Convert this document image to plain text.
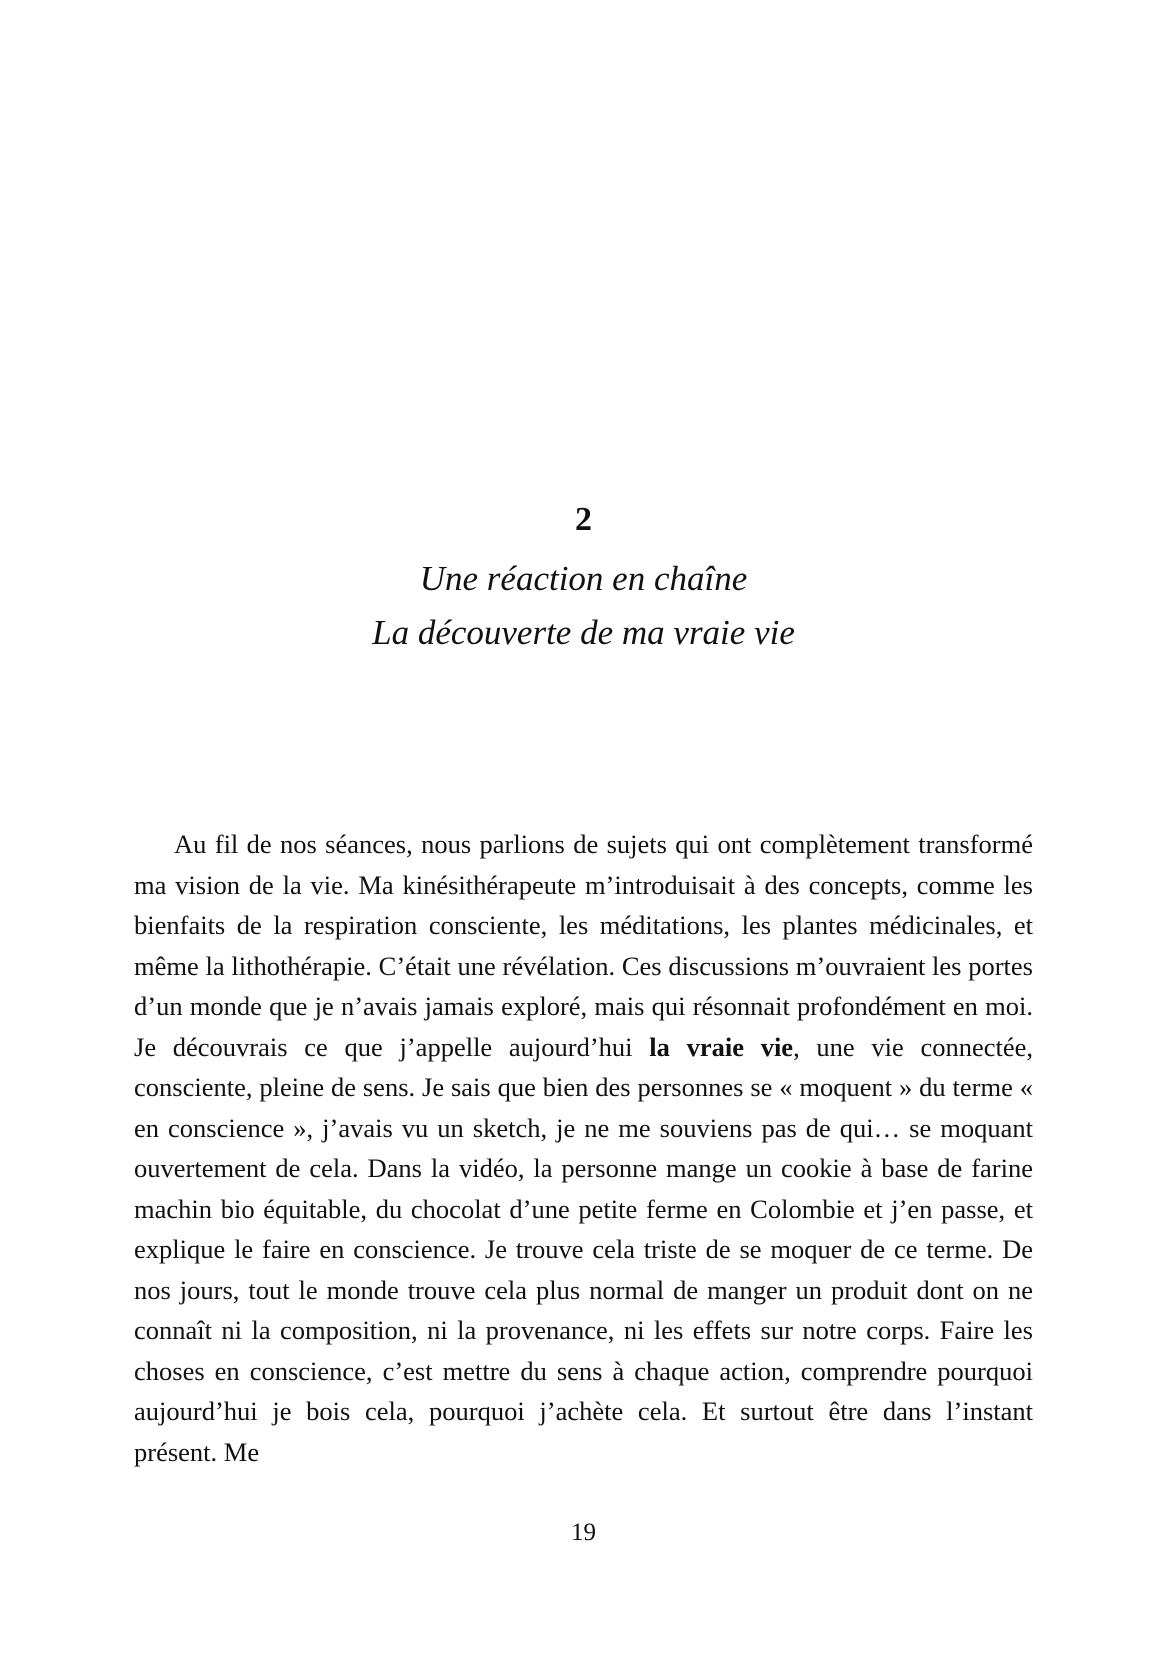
2
Une réaction en chaîne
La découverte de ma vraie vie

Au fil de nos séances, nous parlions de sujets qui ont complètement transformé ma vision de la vie. Ma kinésithérapeute m’introduisait à des concepts, comme les bienfaits de la respiration consciente, les méditations, les plantes médicinales, et même la lithothérapie. C’était une révélation. Ces discussions m’ouvraient les portes d’un monde que je n’avais jamais exploré, mais qui résonnait profondément en moi. Je découvrais ce que j’appelle aujourd’hui la vraie vie, une vie connectée, consciente, pleine de sens. Je sais que bien des personnes se « moquent » du terme « en conscience », j’avais vu un sketch, je ne me souviens pas de qui… se moquant ouvertement de cela. Dans la vidéo, la personne mange un cookie à base de farine machin bio équitable, du chocolat d’une petite ferme en Colombie et j’en passe, et explique le faire en conscience. Je trouve cela triste de se moquer de ce terme. De nos jours, tout le monde trouve cela plus normal de manger un produit dont on ne connaît ni la composition, ni la provenance, ni les effets sur notre corps. Faire les choses en conscience, c’est mettre du sens à chaque action, comprendre pourquoi aujourd’hui je bois cela, pourquoi j’achète cela. Et surtout être dans l’instant présent. Me

19
